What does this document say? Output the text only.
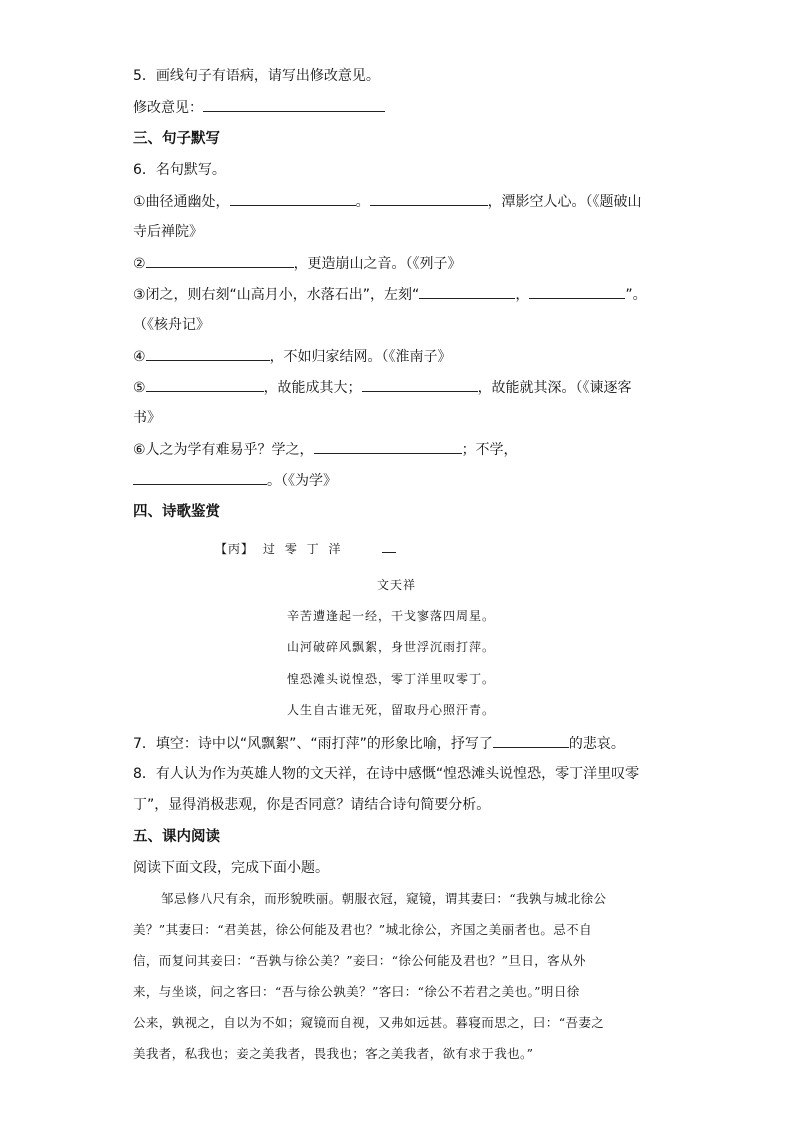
5．画线句子有语病，请写出修改意见。
修改意见：
三、句子默写
6．名句默写。
①曲径通幽处，	。	，潭影空人心。（《题破山
寺后禅院》
②	，更造崩山之音。（《列子》
③闭之，则右刻“山高月小，水落石出”，左刻“	，	”。
（《核舟记》
④	，不如归家结网。（《淮南子》
⑤	，故能成其大；	，故能就其深。（《谏逐客
书》
⑥人之为学有难易乎？学之，	；不学，
。（《为学》
四、诗歌鉴赏
【丙】 过 零 丁 洋
文天祥
辛苦遭逢起一经，干戈寥落四周星。
山河破碎风飘絮，身世浮沉雨打萍。
惶恐滩头说惶恐，零丁洋里叹零丁。
人生自古谁无死，留取丹心照汗青。
7．填空：诗中以“风飘絮”、“雨打萍”的形象比喻，抒写了	的悲哀。
8．有人认为作为英雄人物的文天祥，在诗中感慨“惶恐滩头说惶恐，零丁洋里叹零
丁”，显得消极悲观，你是否同意？请结合诗句简要分析。
五、课内阅读
阅读下面文段，完成下面小题。
邹忌修八尺有余，而形貌昳丽。朝服衣冠，窥镜，谓其妻曰：“我孰与城北徐公
美？”其妻曰：“君美甚，徐公何能及君也？”城北徐公，齐国之美丽者也。忌不自
信，而复问其妾曰：“吾孰与徐公美？”妾曰：“徐公何能及君也？”旦日，客从外
来，与坐谈，问之客曰：“吾与徐公孰美？”客曰：“徐公不若君之美也。”明日徐
公来，孰视之，自以为不如；窥镜而自视，又弗如远甚。暮寝而思之，曰：“吾妻之
美我者，私我也；妾之美我者，畏我也；客之美我者，欲有求于我也。”
